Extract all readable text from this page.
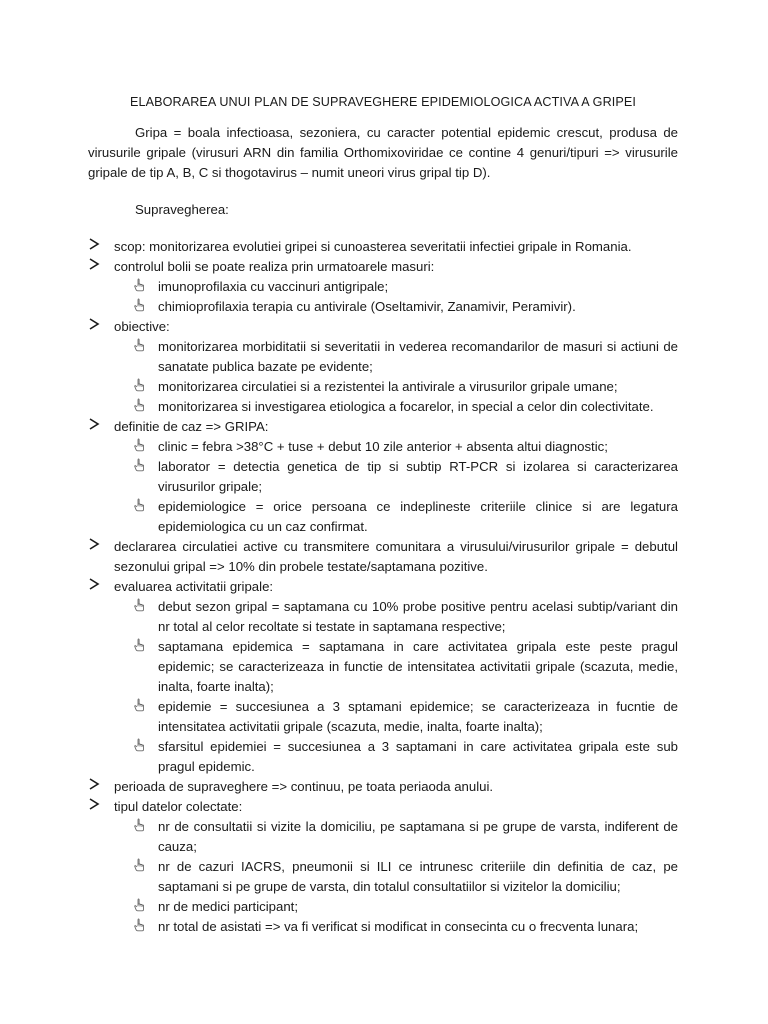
ELABORAREA UNUI PLAN DE SUPRAVEGHERE EPIDEMIOLOGICA ACTIVA A GRIPEI

Gripa = boala infectioasa, sezoniera, cu caracter potential epidemic crescut, produsa de virusurile gripale (virusuri ARN din familia Orthomixoviridae ce contine 4 genuri/tipuri => virusurile gripale de tip A, B, C si thogotavirus – numit uneori virus gripal tip D).

Supravegherea:

scop: monitorizarea evolutiei gripei si cunoasterea severitatii infectiei gripale in Romania.
controlul bolii se poate realiza prin urmatoarele masuri:
imunoprofilaxia cu vaccinuri antigripale;
chimioprofilaxia terapia cu antivirale (Oseltamivir, Zanamivir, Peramivir).
obiective:
monitorizarea morbiditatii si severitatii in vederea recomandarilor de masuri si actiuni de sanatate publica bazate pe evidente;
monitorizarea circulatiei si a rezistentei la antivirale a virusurilor gripale umane;
monitorizarea si investigarea etiologica a focarelor, in special a celor din colectivitate.
definitie de caz => GRIPA:
clinic = febra >38°C + tuse + debut 10 zile anterior + absenta altui diagnostic;
laborator = detectia genetica de tip si subtip RT-PCR si izolarea si caracterizarea virusurilor gripale;
epidemiologice = orice persoana ce indeplineste criteriile clinice si are legatura epidemiologica cu un caz confirmat.
declararea circulatiei active cu transmitere comunitara a virusului/virusurilor gripale = debutul sezonului gripal => 10% din probele testate/saptamana pozitive.
evaluarea activitatii gripale:
debut sezon gripal = saptamana cu 10% probe positive pentru acelasi subtip/variant din nr total al celor recoltate si testate in saptamana respective;
saptamana epidemica = saptamana in care activitatea gripala este peste pragul epidemic; se caracterizeaza in functie de intensitatea activitatii gripale (scazuta, medie, inalta, foarte inalta);
epidemie = succesiunea a 3 sptamani epidemice; se caracterizeaza in fucntie de intensitatea activitatii gripale (scazuta, medie, inalta, foarte inalta);
sfarsitul epidemiei = succesiunea a 3 saptamani in care activitatea gripala este sub pragul epidemic.
perioada de supraveghere => continuu, pe toata periaoda anului.
tipul datelor colectate:
nr de consultatii si vizite la domiciliu, pe saptamana si pe grupe de varsta, indiferent de cauza;
nr de cazuri IACRS, pneumonii si ILI ce intrunesc criteriile din definitia de caz, pe saptamani si pe grupe de varsta, din totalul consultatiilor si vizitelor la domiciliu;
nr de medici participant;
nr total de asistati => va fi verificat si modificat in consecinta cu o frecventa lunara;
